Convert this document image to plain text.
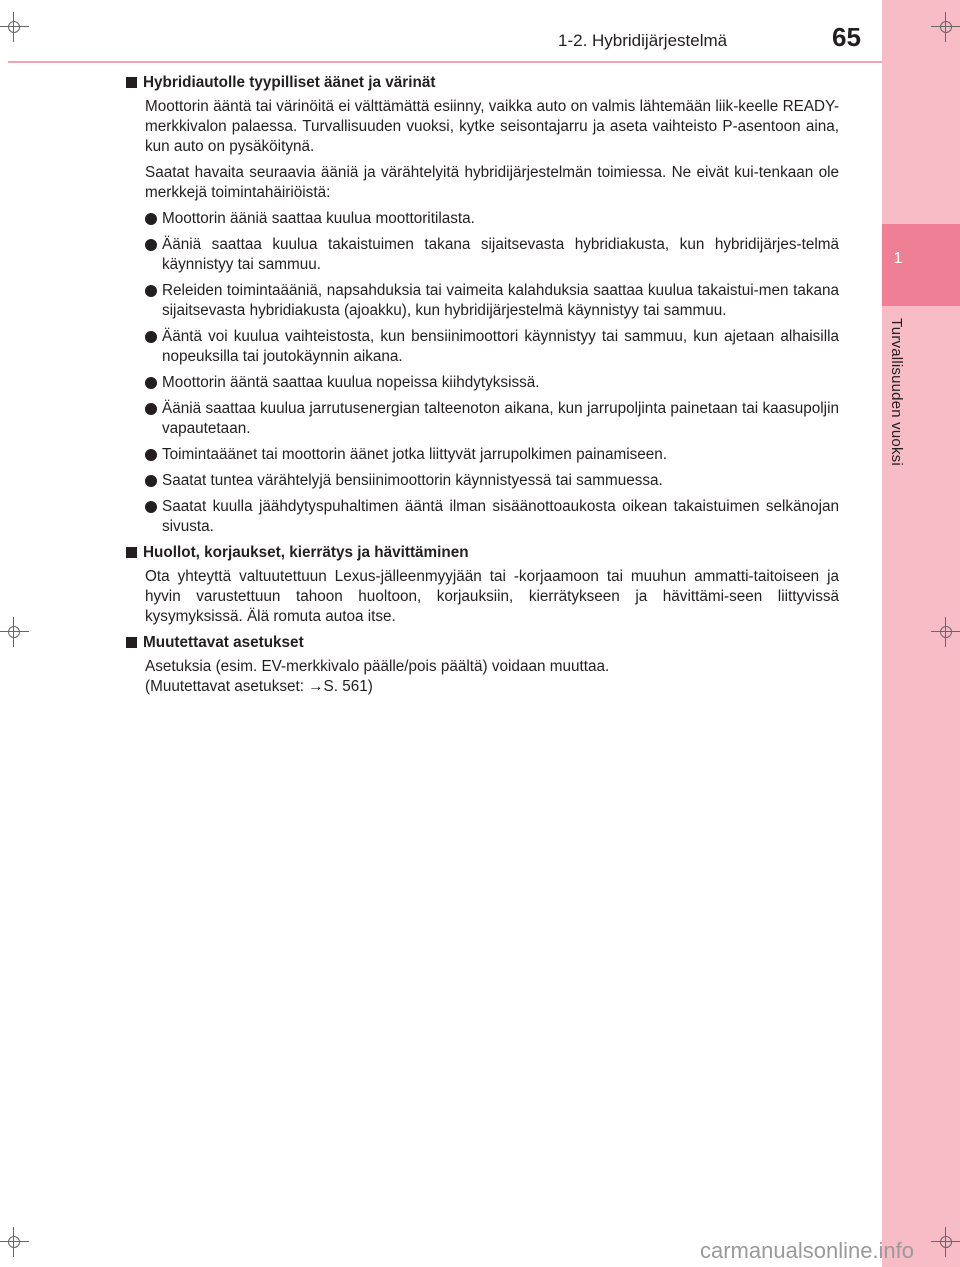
1
Turvallisuuden vuoksi
1-2. Hybridijärjestelmä	65
Hybridiautolle tyypilliset äänet ja värinät

Moottorin ääntä tai värinöitä ei välttämättä esiinny, vaikka auto on valmis lähtemään liik-keelle READY-merkkivalon palaessa. Turvallisuuden vuoksi, kytke seisontajarru ja aseta vaihteisto P-asentoon aina, kun auto on pysäköitynä.

Saatat havaita seuraavia ääniä ja värähtelyitä hybridijärjestelmän toimiessa. Ne eivät kui-tenkaan ole merkkejä toimintahäiriöistä:

Moottorin ääniä saattaa kuulua moottoritilasta.
Ääniä saattaa kuulua takaistuimen takana sijaitsevasta hybridiakusta, kun hybridijärjes-telmä käynnistyy tai sammuu.
Releiden toimintaääniä, napsahduksia tai vaimeita kalahduksia saattaa kuulua takaistui-men takana sijaitsevasta hybridiakusta (ajoakku), kun hybridijärjestelmä käynnistyy tai sammuu.
Ääntä voi kuulua vaihteistosta, kun bensiinimoottori käynnistyy tai sammuu, kun ajetaan alhaisilla nopeuksilla tai joutokäynnin aikana.
Moottorin ääntä saattaa kuulua nopeissa kiihdytyksissä.
Ääniä saattaa kuulua jarrutusenergian talteenoton aikana, kun jarrupoljinta painetaan tai kaasupoljin vapautetaan.
Toimintaäänet tai moottorin äänet jotka liittyvät jarrupolkimen painamiseen.
Saatat tuntea värähtelyjä bensiinimoottorin käynnistyessä tai sammuessa.
Saatat kuulla jäähdytyspuhaltimen ääntä ilman sisäänottoaukosta oikean takaistuimen selkänojan sivusta.
Huollot, korjaukset, kierrätys ja hävittäminen

Ota yhteyttä valtuutettuun Lexus-jälleenmyyjään tai -korjaamoon tai muuhun ammatti-taitoiseen ja hyvin varustettuun tahoon huoltoon, korjauksiin, kierrätykseen ja hävittämi-seen liittyvissä kysymyksissä. Älä romuta autoa itse.

Muutettavat asetukset

Asetuksia (esim. EV-merkkivalo päälle/pois päältä) voidaan muuttaa.

(Muutettavat asetukset: →S. 561)

carmanualsonline.info
